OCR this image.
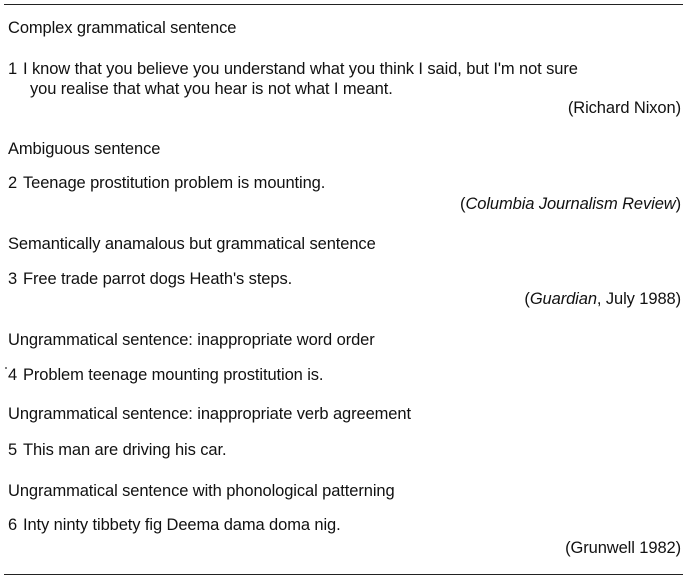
Complex grammatical sentence
1 I know that you believe you understand what you think I said, but I'm not sure
you realise that what you hear is not what I meant.
(Richard Nixon)
Ambiguous sentence
2 Teenage prostitution problem is mounting.
(Columbia Journalism Review)
Semantically anamalous but grammatical sentence
3 Free trade parrot dogs Heath's steps.
(Guardian, July 1988)
Ungrammatical sentence: inappropriate word order
4 Problem teenage mounting prostitution is.
Ungrammatical sentence: inappropriate verb agreement
5 This man are driving his car.
Ungrammatical sentence with phonological patterning
6 Inty ninty tibbety fig Deema dama doma nig.
(Grunwell 1982)
